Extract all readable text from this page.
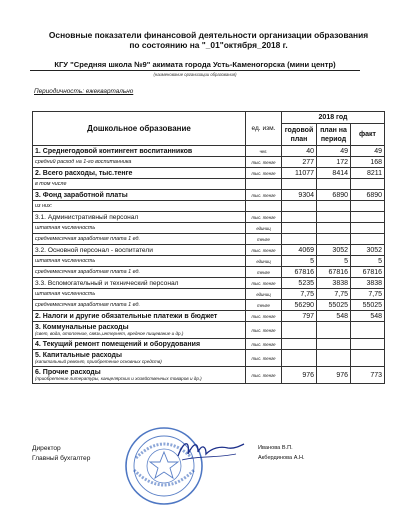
Основные показатели финансовой деятельности организации образования
по состоянию на "_01"октября_2018 г.
КГУ "Средняя школа №9" акимата города Усть-Каменогорска (мини центр)
(наименование организации образования)
Периодичность: ежеквартально
Дошкольное образование	ед. изм.	2018 год		
		годовой план	план на период	факт
1. Среднегодовой контингент воспитанников	чел.	40	49	49
средний расход на 1-го воспитанника	тыс. тенге	277	172	168
2. Всего расходы, тыс.тенге	тыс. тенге	11077	8414	8211
в том числе				
3. Фонд заработной платы	тыс. тенге	9304	6890	6890
из них:				
3.1. Административный персонал	тыс. тенге			
штатная численность	единиц			
среднемесячная заработная плата 1 ед.	тенге			
3.2. Основной персонал - воспитатели	тыс. тенге	4069	3052	3052
штатная численность	единиц	5	5	5
среднемесячная заработная плата 1 ед.	тенге	67816	67816	67816
3.3. Вспомогательный и технический персонал	тыс. тенге	5235	3838	3838
штатная численность	единиц	7,75	7,75	7,75
среднемесячная заработная плата 1 ед.	тенге	56290	55025	55025
2. Налоги и другие обязательные платежи в бюджет	тыс. тенге	797	548	548
3. Коммунальные расходы
(свет, вода, отопление, связь,интернет, вредное пищевание и др.)	тыс. тенге			
4. Текущий ремонт помещений и оборудования	тыс. тенге			
5. Капитальные расходы
(капитальный ремонт, приобретение основных средств)	тыс. тенге			
6. Прочие расходы
(приобретение литературы, канцелярских и хозяйственных товаров и др.)	тыс. тенге	976	976	773
Директор
Главный бухгалтер
Иванова В.П.
Акбердинова А.Н.
